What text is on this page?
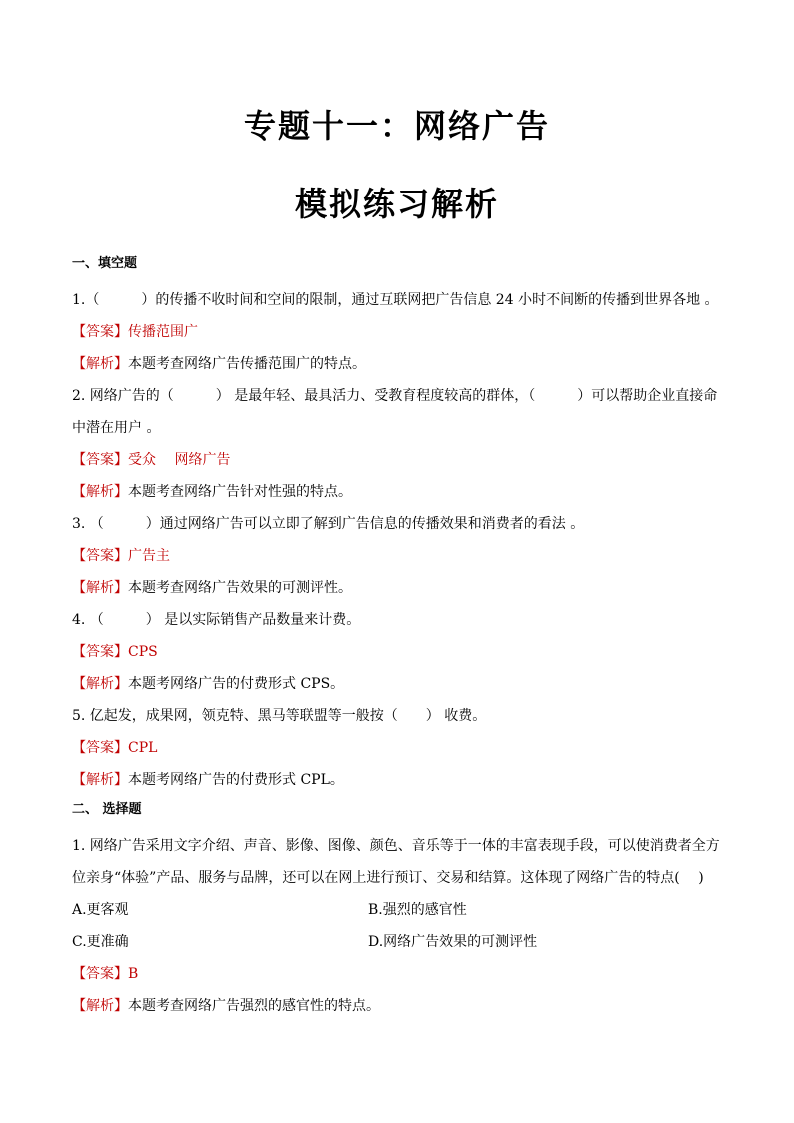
专题十一：网络广告
模拟练习解析
一、填空题

1.（　　　）的传播不收时间和空间的限制，通过互联网把广告信息 24 小时不间断的传播到世界各地 。

【答案】传播范围广

【解析】本题考查网络广告传播范围广的特点。

2. 网络广告的（　　　） 是最年轻、最具活力、受教育程度较高的群体，（　　　）可以帮助企业直接命中潜在用户 。

【答案】受众　 网络广告

【解析】本题考查网络广告针对性强的特点。

3. （　　　）通过网络广告可以立即了解到广告信息的传播效果和消费者的看法 。

【答案】广告主

【解析】本题考查网络广告效果的可测评性。

4. （　　　） 是以实际销售产品数量来计费。

【答案】CPS

【解析】本题考网络广告的付费形式 CPS。

5. 亿起发，成果网，领克特、黑马等联盟等一般按（　　） 收费。

【答案】CPL

【解析】本题考网络广告的付费形式 CPL。

二、 选择题

1. 网络广告采用文字介绍、声音、影像、图像、颜色、音乐等于一体的丰富表现手段，可以使消费者全方位亲身“体验”产品、服务与品牌，还可以在网上进行预订、交易和结算。这体现了网络广告的特点(　 )

A.更客观	B.强烈的感官性
C.更准确	D.网络广告效果的可测评性

【答案】B

【解析】本题考查网络广告强烈的感官性的特点。
